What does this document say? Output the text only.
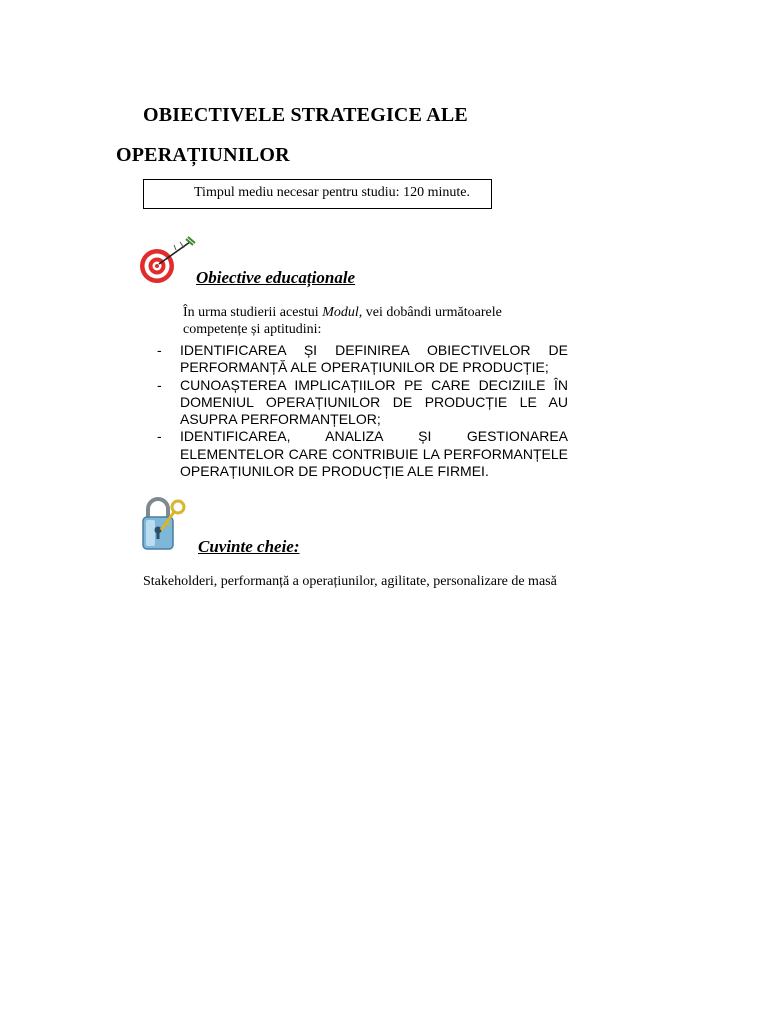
OBIECTIVELE STRATEGICE ALE
OPERAȚIUNILOR
Timpul mediu necesar pentru studiu: 120 minute.
Obiective educaționale
În urma studierii acestui Modul, vei dobândi următoarele competențe și aptitudini:
- IDENTIFICAREA ȘI DEFINIREA OBIECTIVELOR DE PERFORMANȚĂ ALE OPERAȚIUNILOR DE PRODUCȚIE;
- CUNOAȘTEREA IMPLICAȚIILOR PE CARE DECIZIILE ÎN DOMENIUL OPERAȚIUNILOR DE PRODUCȚIE LE AU ASUPRA PERFORMANȚELOR;
- IDENTIFICAREA, ANALIZA ȘI GESTIONAREA ELEMENTELOR CARE CONTRIBUIE LA PERFORMANȚELE OPERAȚIUNILOR DE PRODUCȚIE ALE FIRMEI.
Cuvinte cheie:
Stakeholderi, performanță a operațiunilor, agilitate, personalizare de masă
